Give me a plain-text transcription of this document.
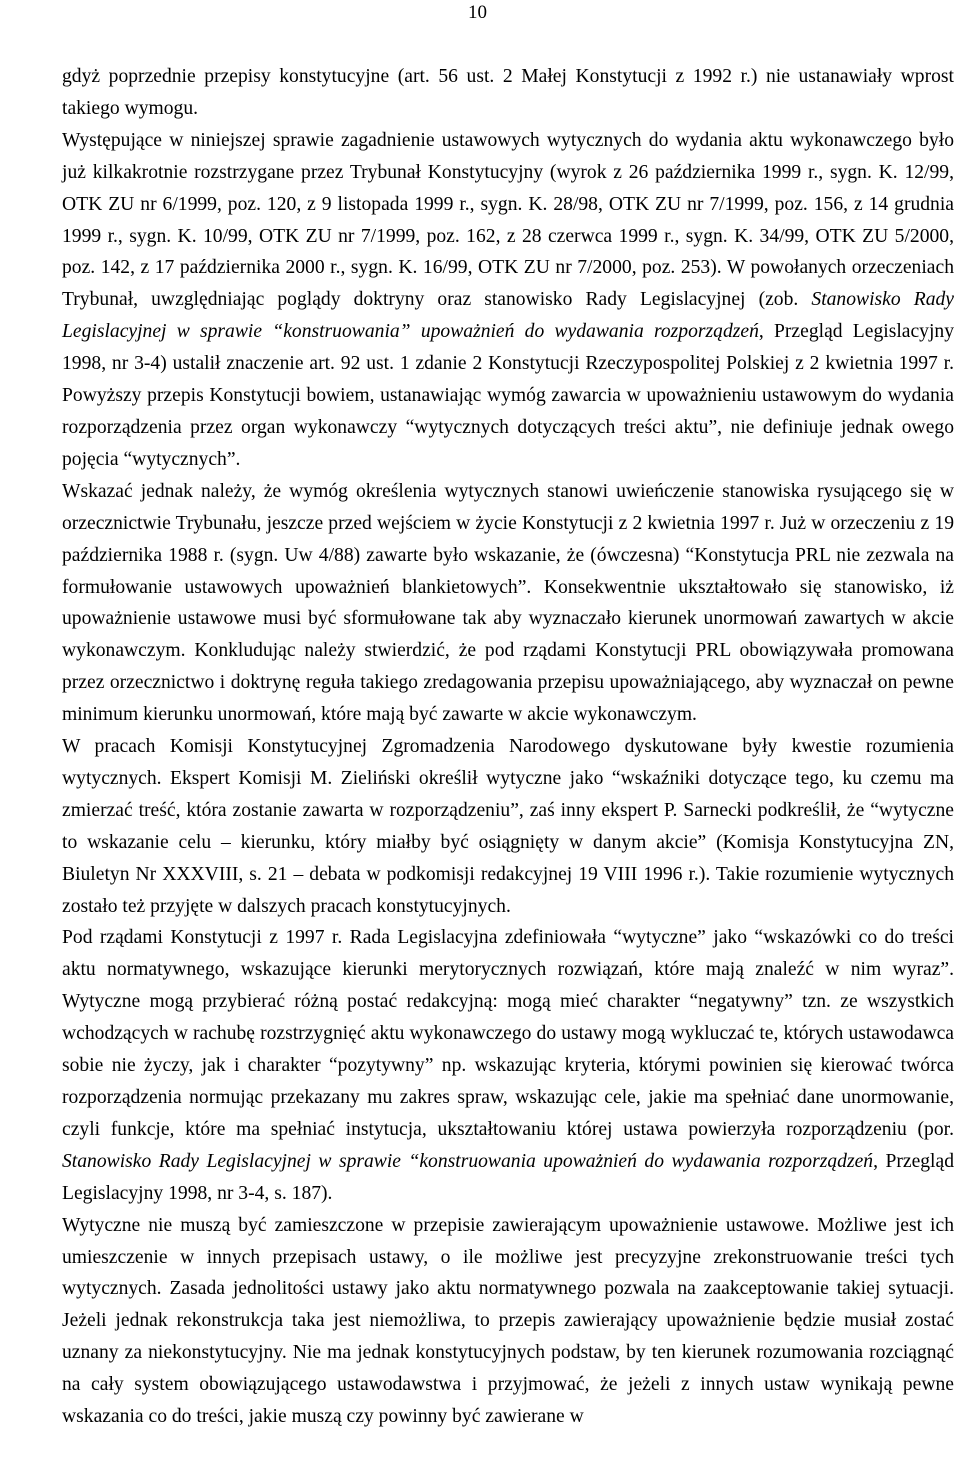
10

gdyż poprzednie przepisy konstytucyjne (art. 56 ust. 2 Małej Konstytucji z 1992 r.) nie ustanawiały wprost takiego wymogu.

Występujące w niniejszej sprawie zagadnienie ustawowych wytycznych do wydania aktu wykonawczego było już kilkakrotnie rozstrzygane przez Trybunał Konstytucyjny (wyrok z 26 października 1999 r., sygn. K. 12/99, OTK ZU nr 6/1999, poz. 120, z 9 listopada 1999 r., sygn. K. 28/98, OTK ZU nr 7/1999, poz. 156, z 14 grudnia 1999 r., sygn. K. 10/99, OTK ZU nr 7/1999, poz. 162, z 28 czerwca 1999 r., sygn. K. 34/99, OTK ZU 5/2000, poz. 142, z 17 października 2000 r., sygn. K. 16/99, OTK ZU nr 7/2000, poz. 253). W powołanych orzeczeniach Trybunał, uwzględniając poglądy doktryny oraz stanowisko Rady Legislacyjnej (zob. Stanowisko Rady Legislacyjnej w sprawie “konstruowania” upoważnień do wydawania rozporządzeń, Przegląd Legislacyjny 1998, nr 3-4) ustalił znaczenie art. 92 ust. 1 zdanie 2 Konstytucji Rzeczypospolitej Polskiej z 2 kwietnia 1997 r. Powyższy przepis Konstytucji bowiem, ustanawiając wymóg zawarcia w upoważnieniu ustawowym do wydania rozporządzenia przez organ wykonawczy “wytycznych dotyczących treści aktu”, nie definiuje jednak owego pojęcia “wytycznych”.

Wskazać jednak należy, że wymóg określenia wytycznych stanowi uwieńczenie stanowiska rysującego się w orzecznictwie Trybunału, jeszcze przed wejściem w życie Konstytucji z 2 kwietnia 1997 r. Już w orzeczeniu z 19 października 1988 r. (sygn. Uw 4/88) zawarte było wskazanie, że (ówczesna) “Konstytucja PRL nie zezwala na formułowanie ustawowych upoważnień blankietowych”. Konsekwentnie ukształtowało się stanowisko, iż upoważnienie ustawowe musi być sformułowane tak aby wyznaczało kierunek unormowań zawartych w akcie wykonawczym. Konkludując należy stwierdzić, że pod rządami Konstytucji PRL obowiązywała promowana przez orzecznictwo i doktrynę reguła takiego zredagowania przepisu upoważniającego, aby wyznaczał on pewne minimum kierunku unormowań, które mają być zawarte w akcie wykonawczym.

W pracach Komisji Konstytucyjnej Zgromadzenia Narodowego dyskutowane były kwestie rozumienia wytycznych. Ekspert Komisji M. Zieliński określił wytyczne jako “wskaźniki dotyczące tego, ku czemu ma zmierzać treść, która zostanie zawarta w rozporządzeniu”, zaś inny ekspert P. Sarnecki podkreślił, że “wytyczne to wskazanie celu – kierunku, który miałby być osiągnięty w danym akcie” (Komisja Konstytucyjna ZN, Biuletyn Nr XXXVIII, s. 21 – debata w podkomisji redakcyjnej 19 VIII 1996 r.). Takie rozumienie wytycznych zostało też przyjęte w dalszych pracach konstytucyjnych.

Pod rządami Konstytucji z 1997 r. Rada Legislacyjna zdefiniowała “wytyczne” jako “wskazówki co do treści aktu normatywnego, wskazujące kierunki merytorycznych rozwiązań, które mają znaleźć w nim wyraz”. Wytyczne mogą przybierać różną postać redakcyjną: mogą mieć charakter “negatywny” tzn. ze wszystkich wchodzących w rachubę rozstrzygnięć aktu wykonawczego do ustawy mogą wykluczać te, których ustawodawca sobie nie życzy, jak i charakter “pozytywny” np. wskazując kryteria, którymi powinien się kierować twórca rozporządzenia normując przekazany mu zakres spraw, wskazując cele, jakie ma spełniać dane unormowanie, czyli funkcje, które ma spełniać instytucja, ukształtowaniu której ustawa powierzyła rozporządzeniu (por. Stanowisko Rady Legislacyjnej w sprawie “konstruowania upoważnień do wydawania rozporządzeń, Przegląd Legislacyjny 1998, nr 3-4, s. 187).

Wytyczne nie muszą być zamieszczone w przepisie zawierającym upoważnienie ustawowe. Możliwe jest ich umieszczenie w innych przepisach ustawy, o ile możliwe jest precyzyjne zrekonstruowanie treści tych wytycznych. Zasada jednolitości ustawy jako aktu normatywnego pozwala na zaakceptowanie takiej sytuacji. Jeżeli jednak rekonstrukcja taka jest niemożliwa, to przepis zawierający upoważnienie będzie musiał zostać uznany za niekonstytucyjny. Nie ma jednak konstytucyjnych podstaw, by ten kierunek rozumowania rozciągnąć na cały system obowiązującego ustawodawstwa i przyjmować, że jeżeli z innych ustaw wynikają pewne wskazania co do treści, jakie muszą czy powinny być zawierane w
